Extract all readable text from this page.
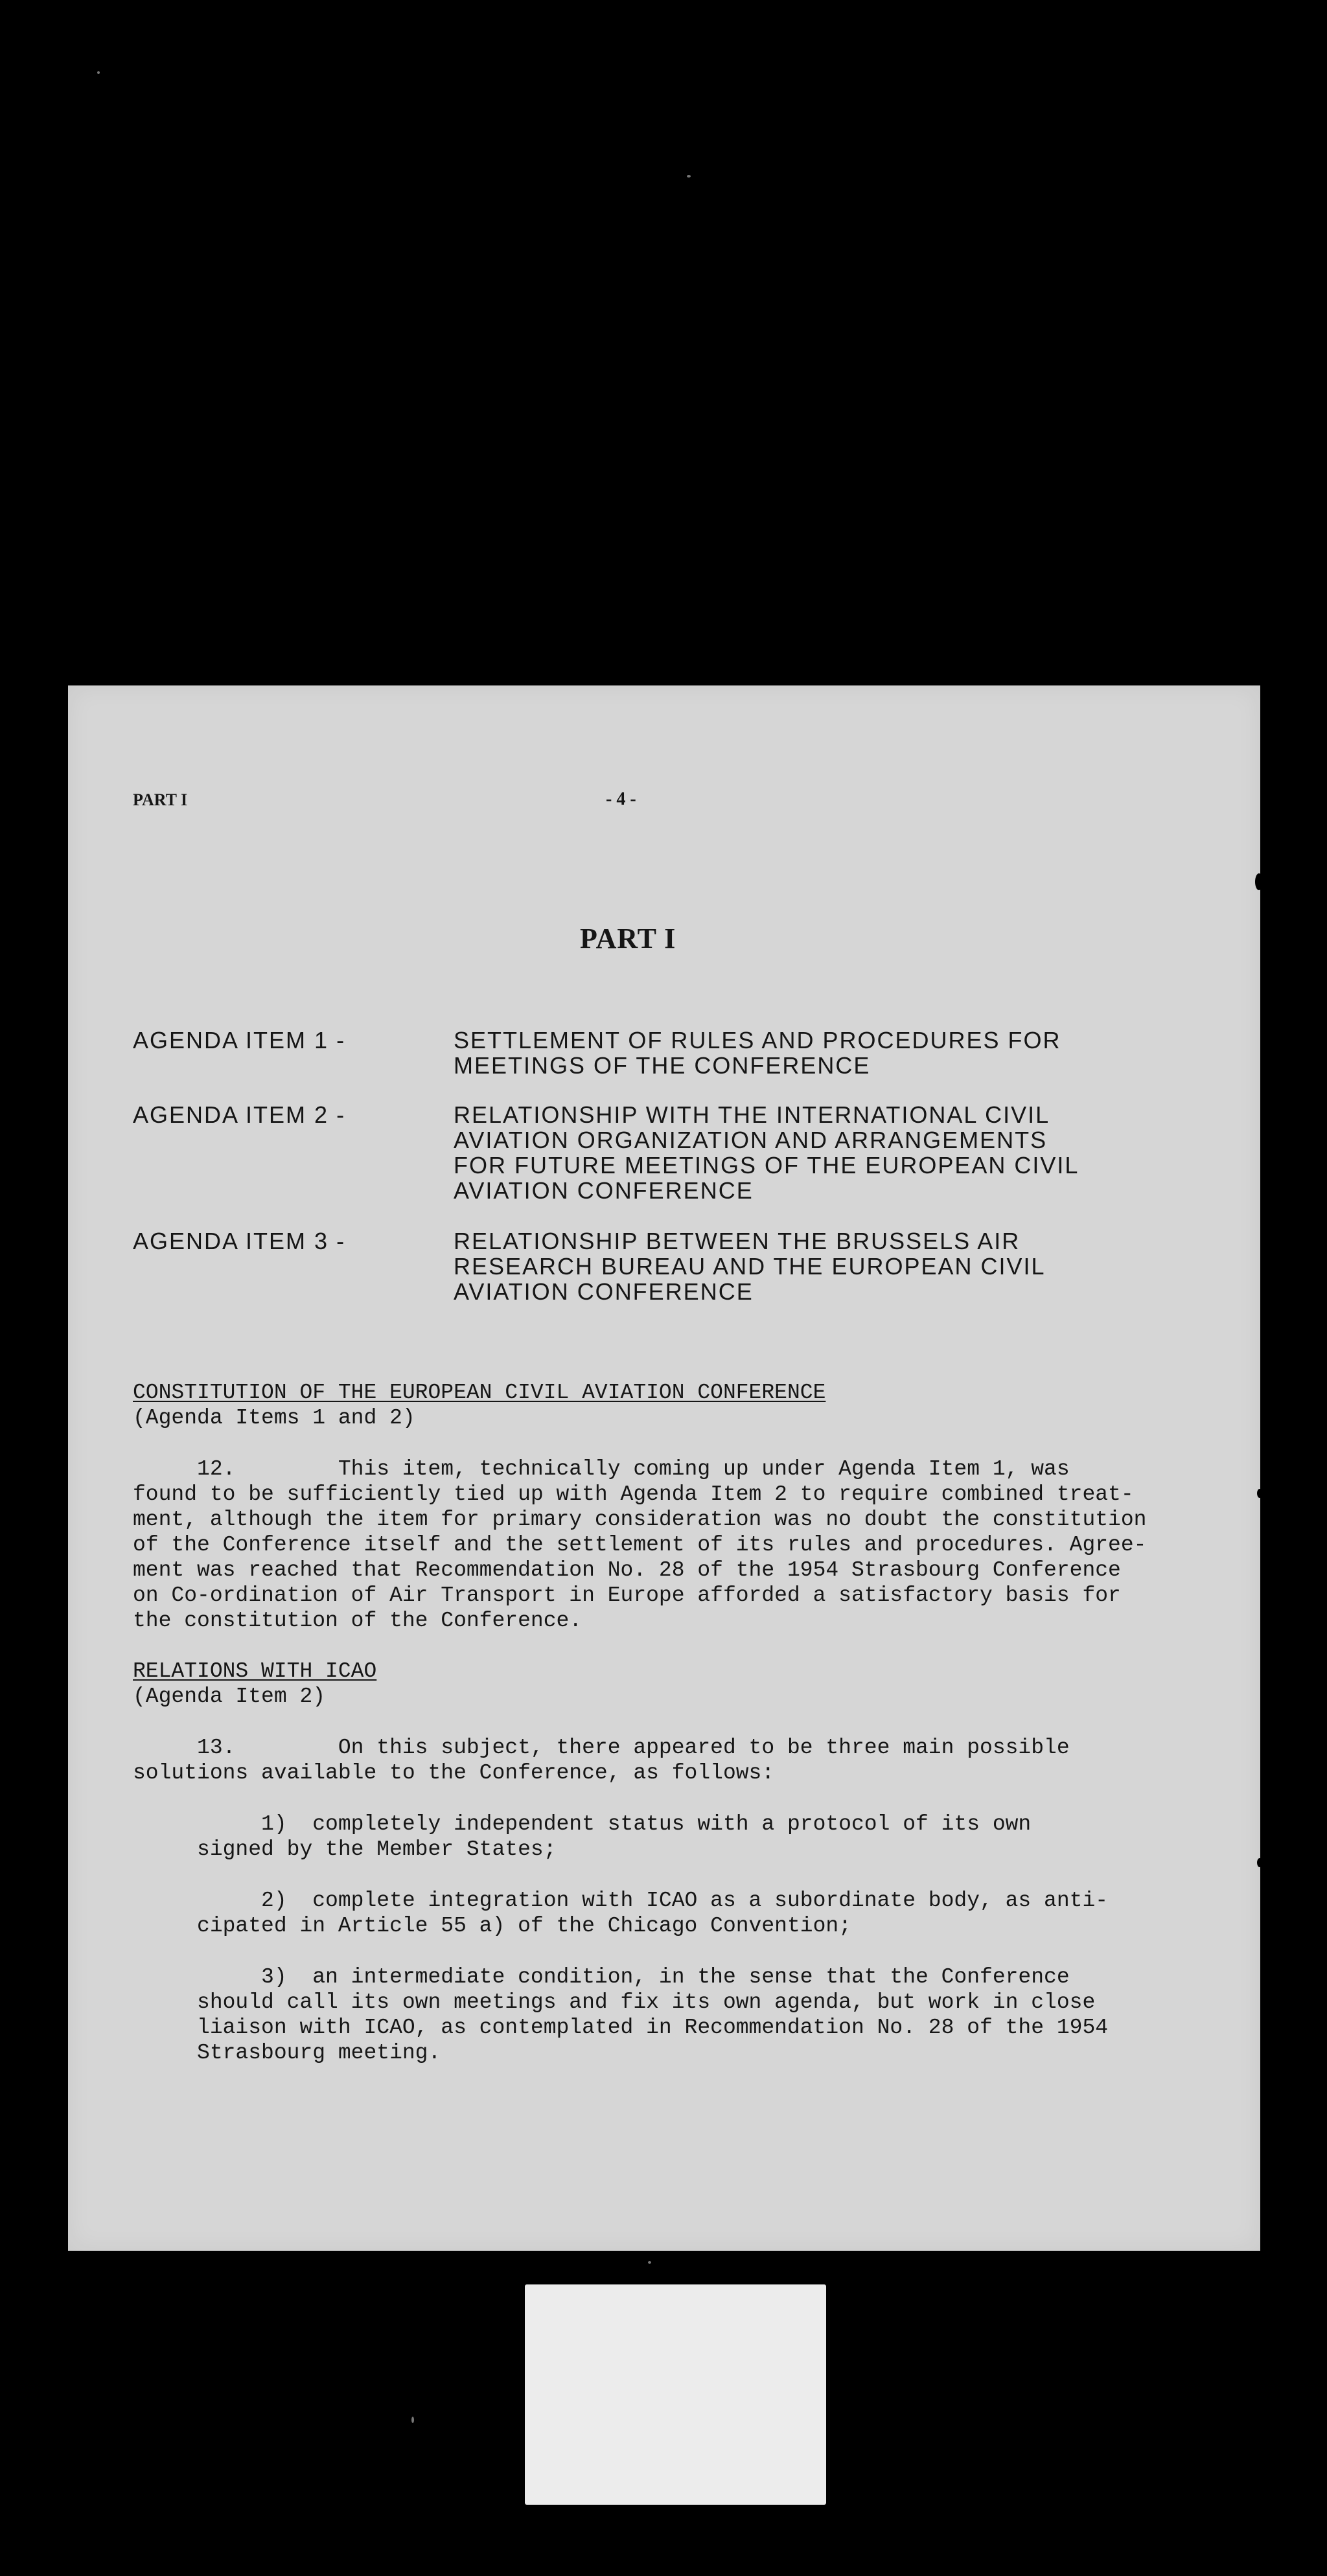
PART I	- 4 -
PART I
AGENDA ITEM 1 -	SETTLEMENT OF RULES AND PROCEDURES FOR
MEETINGS OF THE CONFERENCE
AGENDA ITEM 2 -	RELATIONSHIP WITH THE INTERNATIONAL CIVIL
AVIATION ORGANIZATION AND ARRANGEMENTS
FOR FUTURE MEETINGS OF THE EUROPEAN CIVIL
AVIATION CONFERENCE
AGENDA ITEM 3 -	RELATIONSHIP BETWEEN THE BRUSSELS AIR
RESEARCH BUREAU AND THE EUROPEAN CIVIL
AVIATION CONFERENCE
CONSTITUTION OF THE EUROPEAN CIVIL AVIATION CONFERENCE
(Agenda Items 1 and 2)
12.        This item, technically coming up under Agenda Item 1, was
found to be sufficiently tied up with Agenda Item 2 to require combined treat-
ment, although the item for primary consideration was no doubt the constitution
of the Conference itself and the settlement of its rules and procedures. Agree-
ment was reached that Recommendation No. 28 of the 1954 Strasbourg Conference
on Co-ordination of Air Transport in Europe afforded a satisfactory basis for
the constitution of the Conference.
RELATIONS WITH ICAO
(Agenda Item 2)
13.        On this subject, there appeared to be three main possible
solutions available to the Conference, as follows:
1)  completely independent status with a protocol of its own
signed by the Member States;
2)  complete integration with ICAO as a subordinate body, as anti-
cipated in Article 55 a) of the Chicago Convention;
3)  an intermediate condition, in the sense that the Conference
should call its own meetings and fix its own agenda, but work in close
liaison with ICAO, as contemplated in Recommendation No. 28 of the 1954
Strasbourg meeting.
